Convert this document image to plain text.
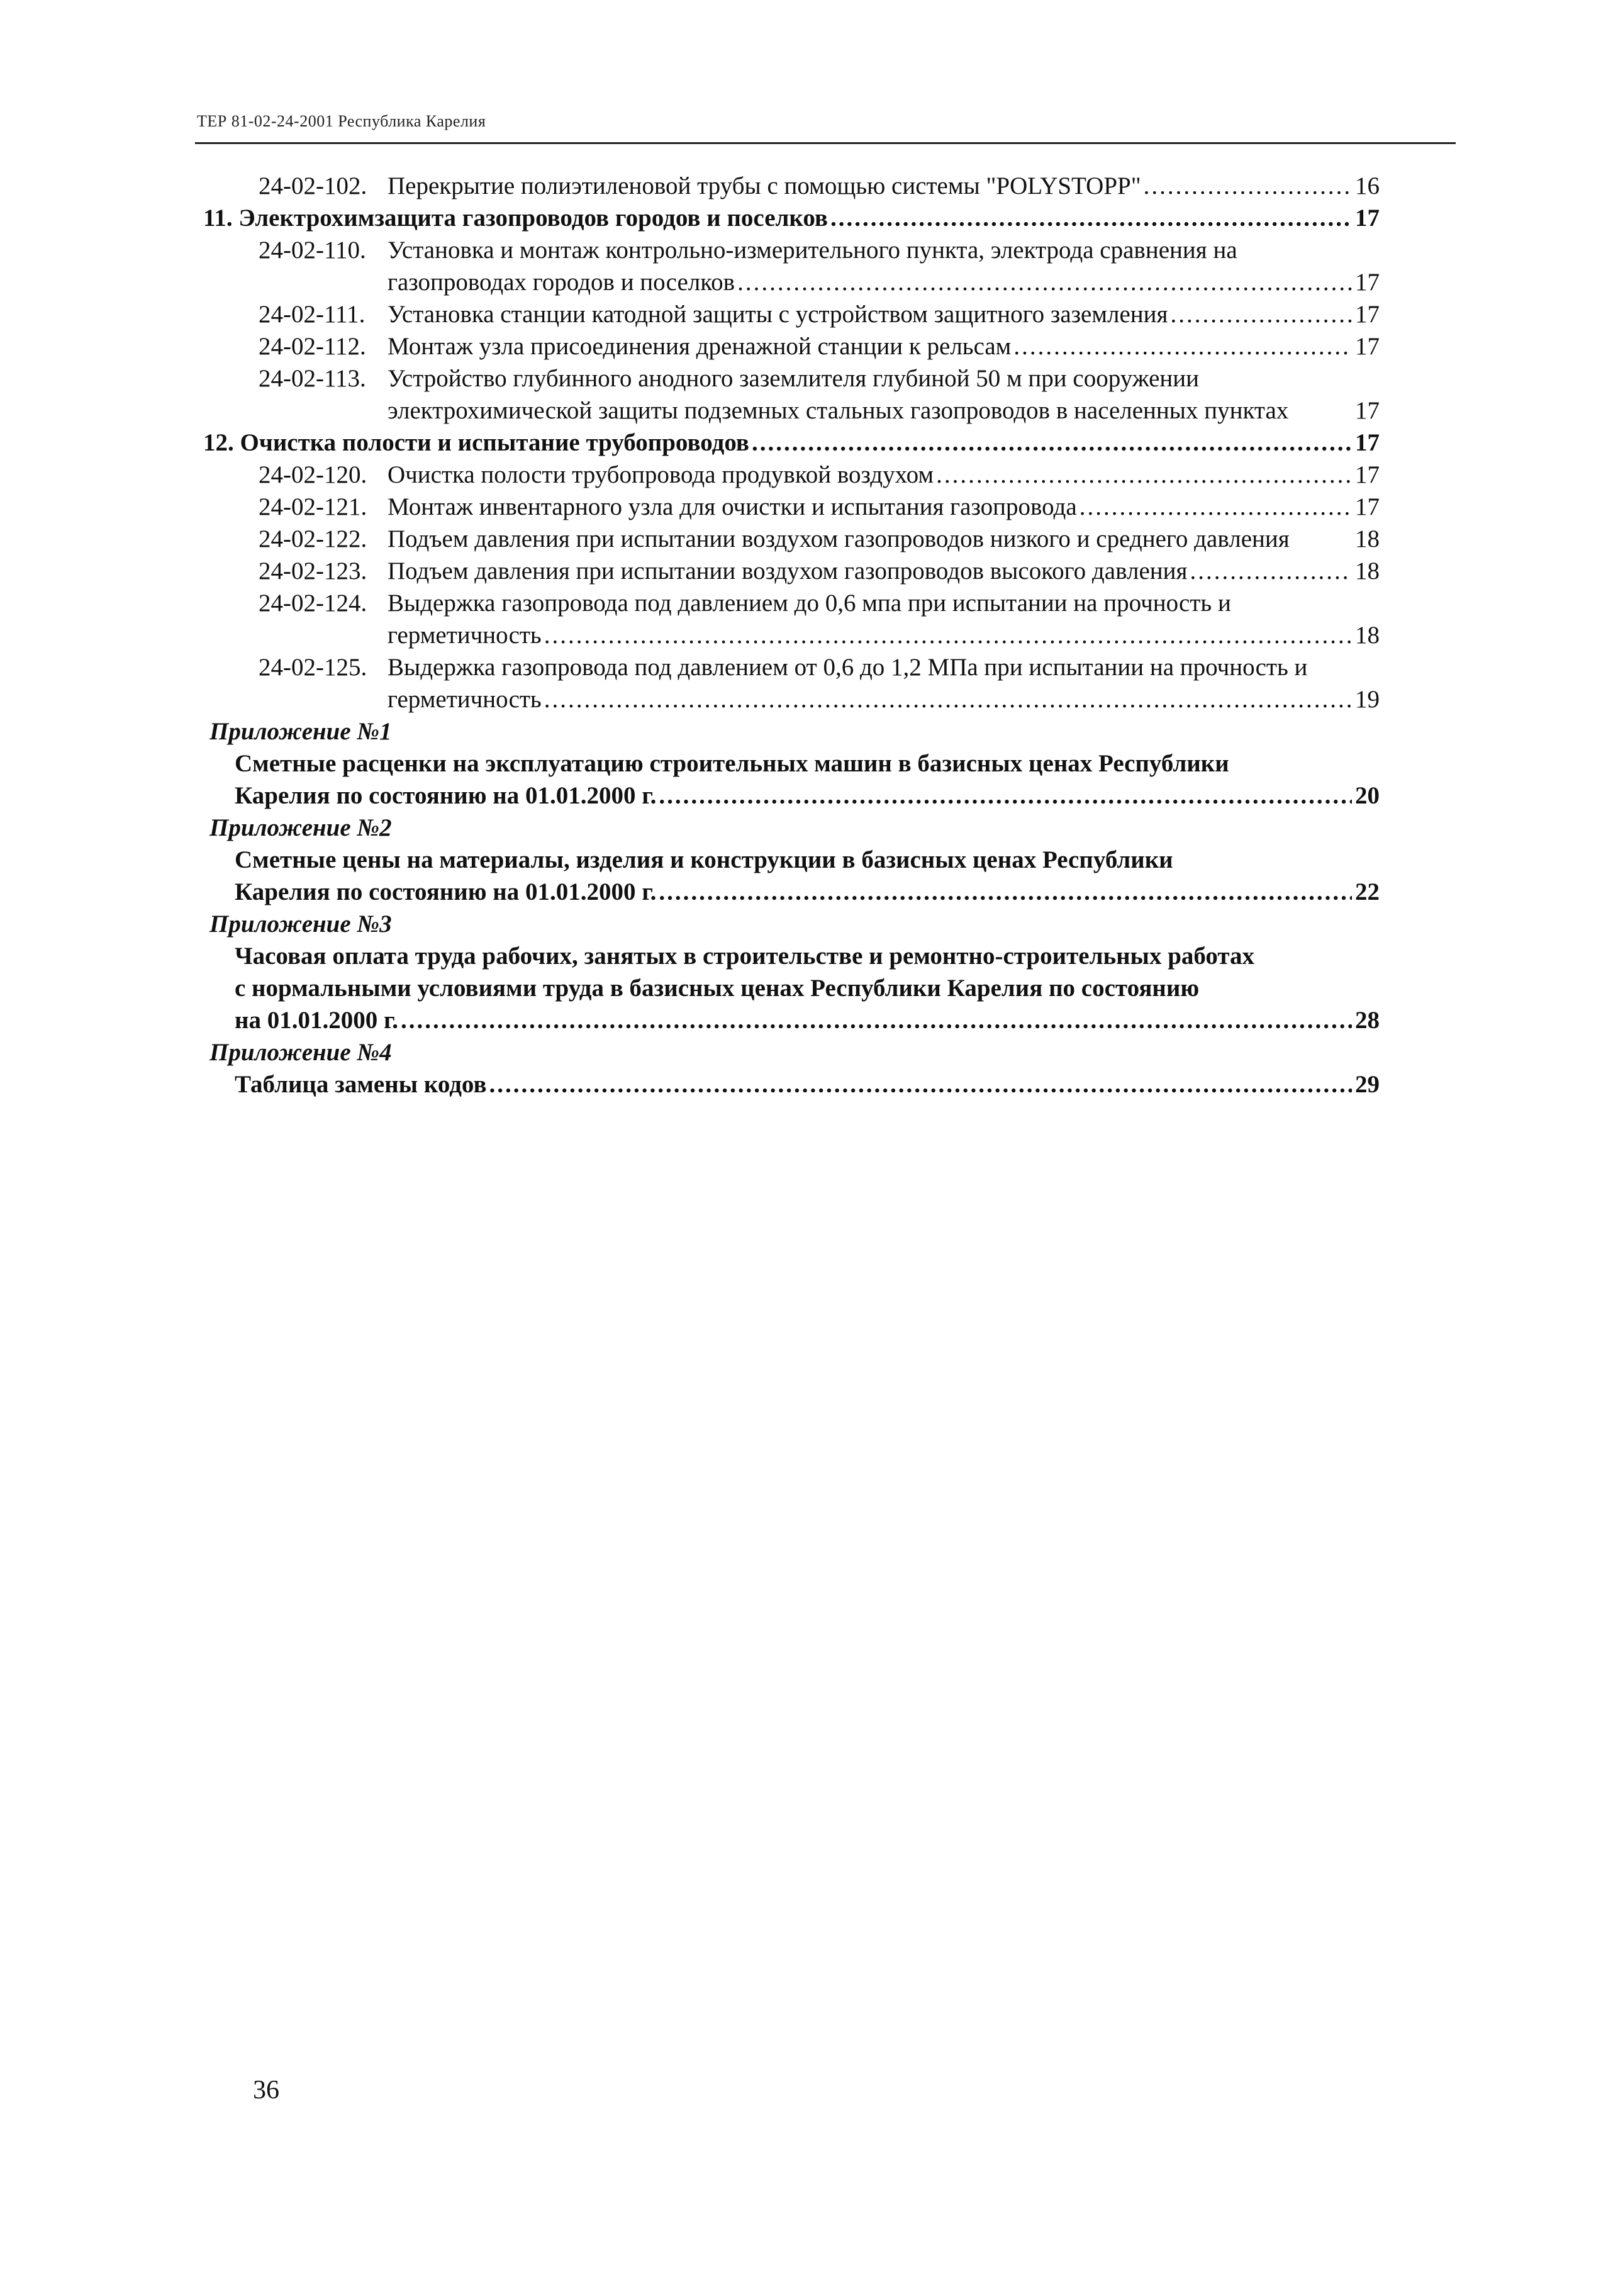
ТЕР 81-02-24-2001 Республика Карелия
24-02-102. Перекрытие полиэтиленовой трубы с помощью системы "POLYSTOPP" .....	16
11. Электрохимзащита газопроводов городов и поселков .....	17
24-02-110. Установка и монтаж контрольно-измерительного пункта, электрода сравнения на
газопроводах городов и поселков .....	17
24-02-111. Установка станции катодной защиты с устройством защитного заземления .....	17
24-02-112. Монтаж узла присоединения дренажной станции к рельсам .....	17
24-02-113. Устройство глубинного анодного заземлителя глубиной 50 м при сооружении
электрохимической защиты подземных стальных газопроводов в населенных пунктах	17
12. Очистка полости и испытание трубопроводов .....	17
24-02-120. Очистка полости трубопровода продувкой воздухом .....	17
24-02-121. Монтаж инвентарного узла для очистки и испытания газопровода .....	17
24-02-122. Подъем давления при испытании воздухом газопроводов низкого и среднего давления	18
24-02-123. Подъем давления при испытании воздухом газопроводов высокого давления .....	18
24-02-124. Выдержка газопровода под давлением до 0,6 мпа при испытании на прочность и
герметичность .....	18
24-02-125. Выдержка газопровода под давлением от 0,6 до 1,2 МПа при испытании на прочность и
герметичность .....	19
Приложение №1
Сметные расценки на эксплуатацию строительных машин в базисных ценах Республики
Карелия по состоянию на 01.01.2000 г. .....	20
Приложение №2
Сметные цены на материалы, изделия и конструкции в базисных ценах Республики
Карелия по состоянию на 01.01.2000 г. .....	22
Приложение №3
Часовая оплата труда рабочих, занятых в строительстве и ремонтно-строительных работах
с нормальными условиями труда в базисных ценах Республики Карелия по состоянию
на 01.01.2000 г. .....	28
Приложение №4
Таблица замены кодов .....	29
36
